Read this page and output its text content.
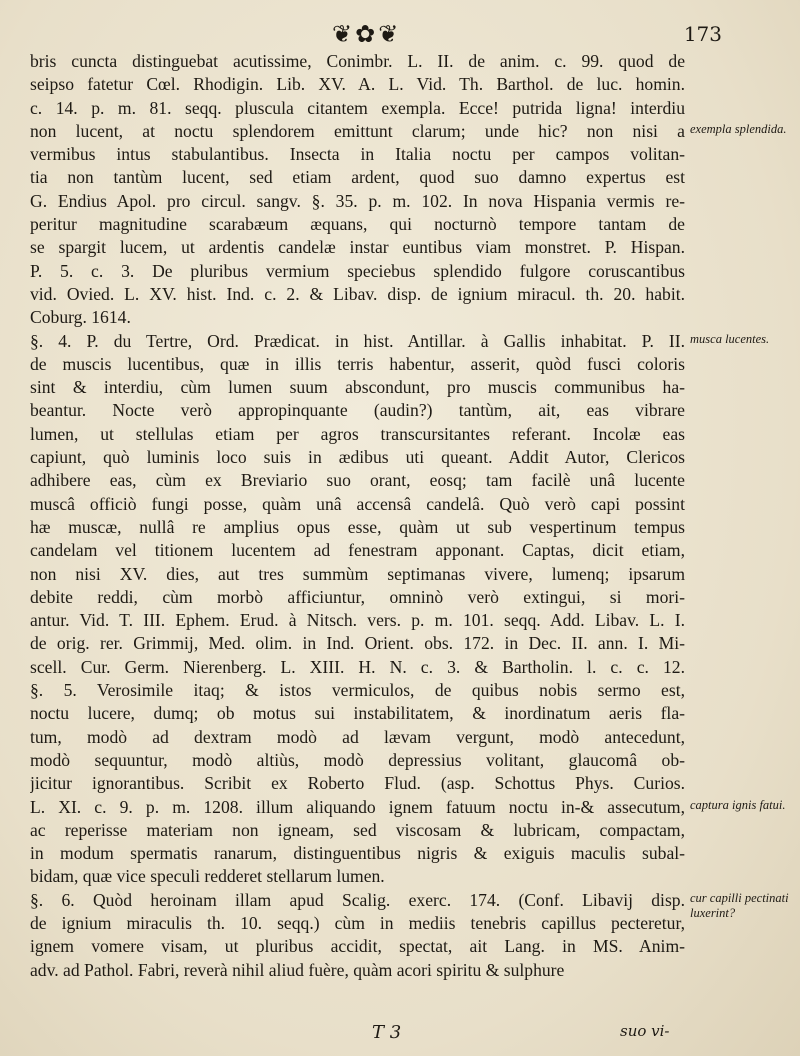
❦✿❦	173
bris cuncta distinguebat acutissime, Conimbr. L. II. de anim. c. 99. quod de
seipso fatetur Cœl. Rhodigin. Lib. XV. A. L. Vid. Th. Barthol. de luc. homin.
c. 14. p. m. 81. seqq. pluscula citantem exempla. Ecce! putrida ligna! interdiu
non lucent, at noctu splendorem emittunt clarum; unde hic? non nisi a
vermibus intus stabulantibus. Insecta in Italia noctu per campos volitan-
tia non tantùm lucent, sed etiam ardent, quod suo damno expertus est
G. Endius Apol. pro circul. sangv. §. 35. p. m. 102. In nova Hispania vermis re-
peritur magnitudine scarabæum æquans, qui nocturnò tempore tantam de
se spargit lucem, ut ardentis candelæ instar euntibus viam monstret. P. Hispan.
P. 5. c. 3. De pluribus vermium speciebus splendido fulgore coruscantibus
vid. Ovied. L. XV. hist. Ind. c. 2. & Libav. disp. de ignium miracul. th. 20. habit.
Coburg. 1614.
§. 4. P. du Tertre, Ord. Prædicat. in hist. Antillar. à Gallis inhabitat. P. II.
de muscis lucentibus, quæ in illis terris habentur, asserit, quòd fusci coloris
sint & interdiu, cùm lumen suum abscondunt, pro muscis communibus ha-
beantur. Nocte verò appropinquante (audin?) tantùm, ait, eas vibrare
lumen, ut stellulas etiam per agros transcursitantes referant. Incolæ eas
capiunt, quò luminis loco suis in ædibus uti queant. Addit Autor, Clericos
adhibere eas, cùm ex Breviario suo orant, eosq; tam facilè unâ lucente
muscâ officiò fungi posse, quàm unâ accensâ candelâ. Quò verò capi possint
hæ muscæ, nullâ re amplius opus esse, quàm ut sub vespertinum tempus
candelam vel titionem lucentem ad fenestram apponant. Captas, dicit etiam,
non nisi XV. dies, aut tres summùm septimanas vivere, lumenq; ipsarum
debite reddi, cùm morbò afficiuntur, omninò verò extingui, si mori-
antur. Vid. T. III. Ephem. Erud. à Nitsch. vers. p. m. 101. seqq. Add. Libav. L. I.
de orig. rer. Grimmij, Med. olim. in Ind. Orient. obs. 172. in Dec. II. ann. I. Mi-
scell. Cur. Germ. Nierenberg. L. XIII. H. N. c. 3. & Bartholin. l. c. c. 12.
§. 5. Verosimile itaq; & istos vermiculos, de quibus nobis sermo est,
noctu lucere, dumq; ob motus sui instabilitatem, & inordinatum aeris fla-
tum, modò ad dextram modò ad lævam vergunt, modò antecedunt,
modò sequuntur, modò altiùs, modò depressius volitant, glaucomâ ob-
jicitur ignorantibus. Scribit ex Roberto Flud. (asp. Schottus Phys. Curios.
L. XI. c. 9. p. m. 1208. illum aliquando ignem fatuum noctu in-& assecutum,
ac reperisse materiam non igneam, sed viscosam & lubricam, compactam,
in modum spermatis ranarum, distinguentibus nigris & exiguis maculis subal-
bidam, quæ vice speculi redderet stellarum lumen.
§. 6. Quòd heroinam illam apud Scalig. exerc. 174. (Conf. Libavij disp.
de ignium miraculis th. 10. seqq.) cùm in mediis tenebris capillus pecteretur,
ignem vomere visam, ut pluribus accidit, spectat, ait Lang. in MS. Anim-
adv. ad Pathol. Fabri, reverà nihil aliud fuère, quàm acori spiritu & sulphure
exempla splendida.
musca lucentes.
captura ignis fatui.
cur capilli pectinati luxerint?
T 3	suo vi-
